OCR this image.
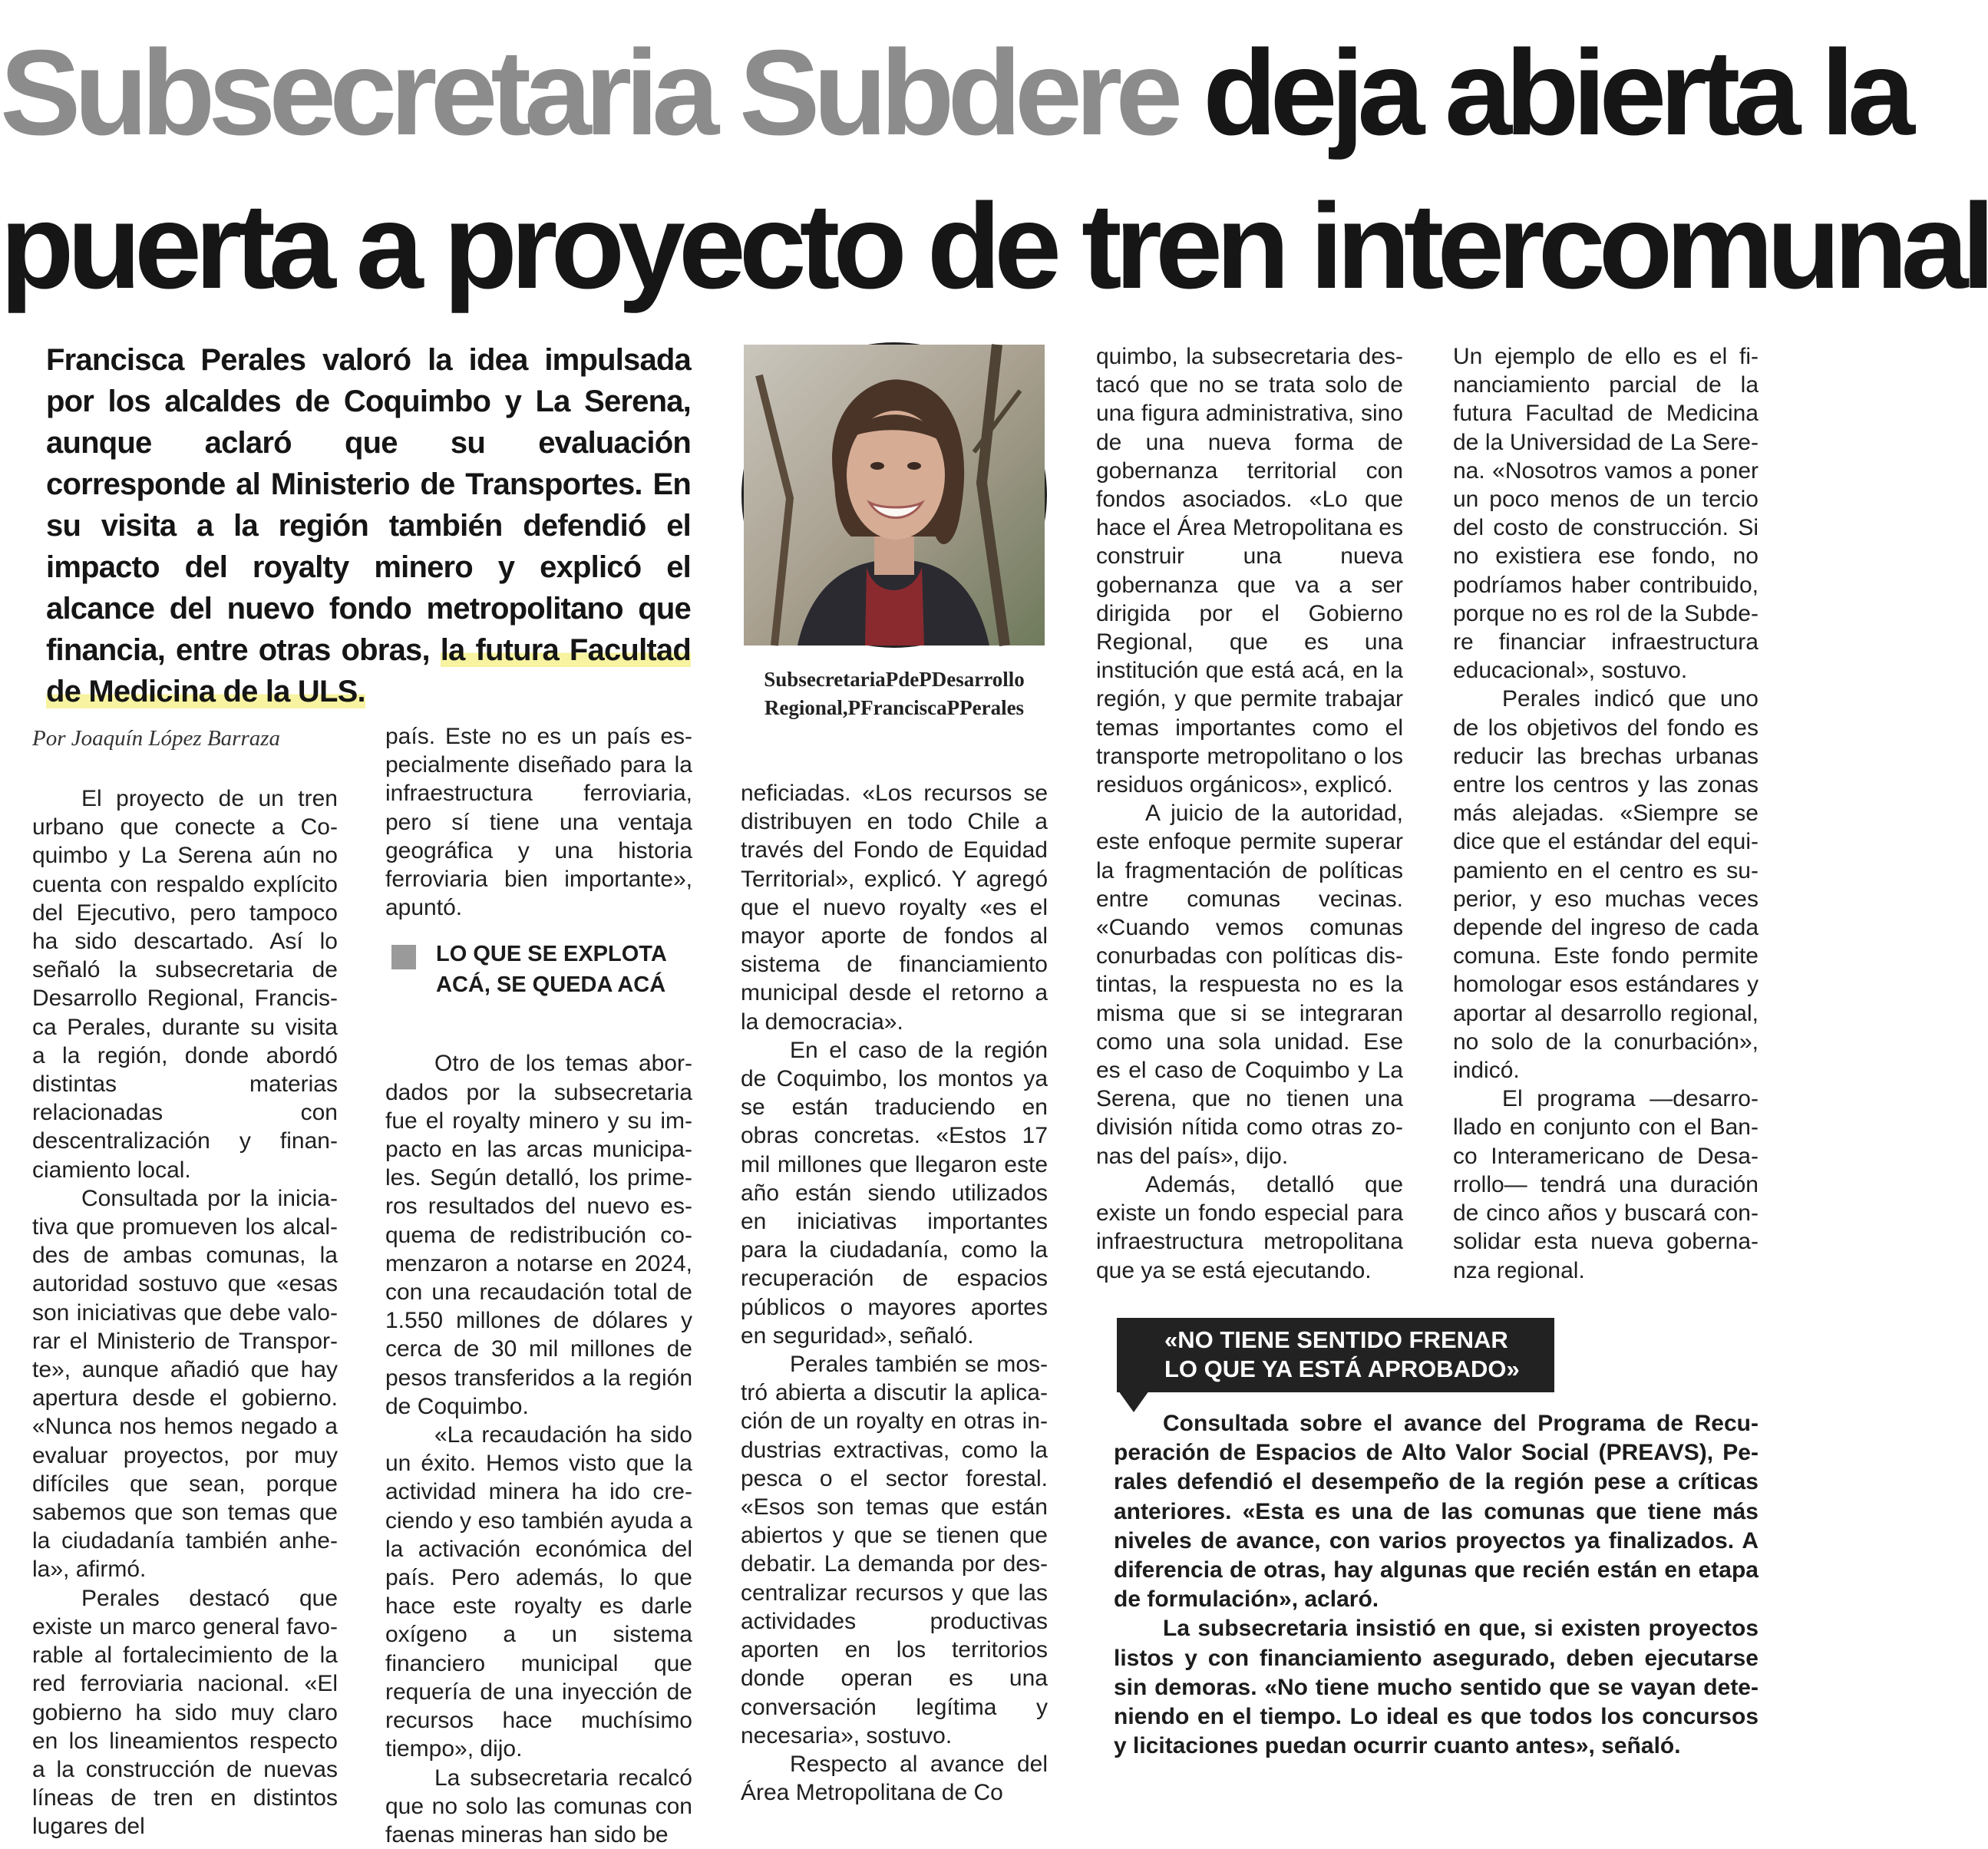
Subsecretaria Subdere deja abierta la
puerta a proyecto de tren intercomunal
Francisca Perales valoró la idea impulsada por los alcaldes de Coquimbo y La Serena, aunque aclaró que su evaluación corresponde al Ministerio de Transportes. En su visita a la región también defendió el impacto del royalty minero y explicó el alcance del nuevo fondo metropolitano que financia, entre otras obras, la futura Facultad de Medicina de la ULS.	SubsecretariaPdePDesarrollo
Regional,PFranciscaPPerales
Por Joaquín López Barraza

El proyecto de un tren urbano que conecte a Coquimbo y La Serena aún no cuenta con respaldo explícito del Ejecutivo, pero tampoco ha sido descartado. Así lo señaló la subsecretaria de Desarrollo Regional, Francisca Perales, durante su visita a la región, donde abordó distintas materias relacionadas con descentralización y financiamiento local.

Consultada por la iniciativa que promueven los alcaldes de ambas comunas, la autoridad sostuvo que «esas son iniciativas que debe valorar el Ministerio de Transporte», aunque añadió que hay apertura desde el gobierno. «Nunca nos hemos negado a evaluar proyectos, por muy difíciles que sean, porque sabemos que son temas que la ciudadanía también anhela», afirmó.

Perales destacó que existe un marco general favorable al fortalecimiento de la red ferroviaria nacional. «El gobierno ha sido muy claro en los lineamientos respecto a la construcción de nuevas líneas de tren en distintos lugares del

país. Este no es un país especialmente diseñado para la infraestructura ferroviaria, pero sí tiene una ventaja geográfica y una historia ferroviaria bien importante», apuntó.

LO QUE SE EXPLOTA ACÁ, SE QUEDA ACÁ

Otro de los temas abordados por la subsecretaria fue el royalty minero y su impacto en las arcas municipales. Según detalló, los primeros resultados del nuevo esquema de redistribución comenzaron a notarse en 2024, con una recaudación total de 1.550 millones de dólares y cerca de 30 mil millones de pesos transferidos a la región de Coquimbo.

«La recaudación ha sido un éxito. Hemos visto que la actividad minera ha ido creciendo y eso también ayuda a la activación económica del país. Pero además, lo que hace este royalty es darle oxígeno a un sistema financiero municipal que requería de una inyección de recursos hace muchísimo tiempo», dijo.

La subsecretaria recalcó que no solo las comunas con faenas mineras han sido be

neficiadas. «Los recursos se distribuyen en todo Chile a través del Fondo de Equidad Territorial», explicó. Y agregó que el nuevo royalty «es el mayor aporte de fondos al sistema de financiamiento municipal desde el retorno a la democracia».

En el caso de la región de Coquimbo, los montos ya se están traduciendo en obras concretas. «Estos 17 mil millones que llegaron este año están siendo utilizados en iniciativas importantes para la ciudadanía, como la recuperación de espacios públicos o mayores aportes en seguridad», señaló.

Perales también se mostró abierta a discutir la aplicación de un royalty en otras industrias extractivas, como la pesca o el sector forestal. «Esos son temas que están abiertos y que se tienen que debatir. La demanda por descentralizar recursos y que las actividades productivas aporten en los territorios donde operan es una conversación legítima y necesaria», sostuvo.

Respecto al avance del Área Metropolitana de Co

quimbo, la subsecretaria destacó que no se trata solo de una figura administrativa, sino de una nueva forma de gobernanza territorial con fondos asociados. «Lo que hace el Área Metropolitana es construir una nueva gobernanza que va a ser dirigida por el Gobierno Regional, que es una institución que está acá, en la región, y que permite trabajar temas importantes como el transporte metropolitano o los residuos orgánicos», explicó.

A juicio de la autoridad, este enfoque permite superar la fragmentación de políticas entre comunas vecinas. «Cuando vemos comunas conurbadas con políticas distintas, la respuesta no es la misma que si se integraran como una sola unidad. Ese es el caso de Coquimbo y La Serena, que no tienen una división nítida como otras zonas del país», dijo.

Además, detalló que existe un fondo especial para infraestructura metropolitana que ya se está ejecutando.

Un ejemplo de ello es el financiamiento parcial de la futura Facultad de Medicina de la Universidad de La Serena. «Nosotros vamos a poner un poco menos de un tercio del costo de construcción. Si no existiera ese fondo, no podríamos haber contribuido, porque no es rol de la Subdere financiar infraestructura educacional», sostuvo.

Perales indicó que uno de los objetivos del fondo es reducir las brechas urbanas entre los centros y las zonas más alejadas. «Siempre se dice que el estándar del equipamiento en el centro es superior, y eso muchas veces depende del ingreso de cada comuna. Este fondo permite homologar esos estándares y aportar al desarrollo regional, no solo de la conurbación», indicó.

El programa —desarrollado en conjunto con el Banco Interamericano de Desarrollo— tendrá una duración de cinco años y buscará consolidar esta nueva gobernanza regional.

«NO TIENE SENTIDO FRENAR
LO QUE YA ESTÁ APROBADO»

Consultada sobre el avance del Programa de Recuperación de Espacios de Alto Valor Social (PREAVS), Perales defendió el desempeño de la región pese a críticas anteriores. «Esta es una de las comunas que tiene más niveles de avance, con varios proyectos ya finalizados. A diferencia de otras, hay algunas que recién están en etapa de formulación», aclaró.

La subsecretaria insistió en que, si existen proyectos listos y con financiamiento asegurado, deben ejecutarse sin demoras. «No tiene mucho sentido que se vayan deteniendo en el tiempo. Lo ideal es que todos los concursos y licitaciones puedan ocurrir cuanto antes», señaló.
